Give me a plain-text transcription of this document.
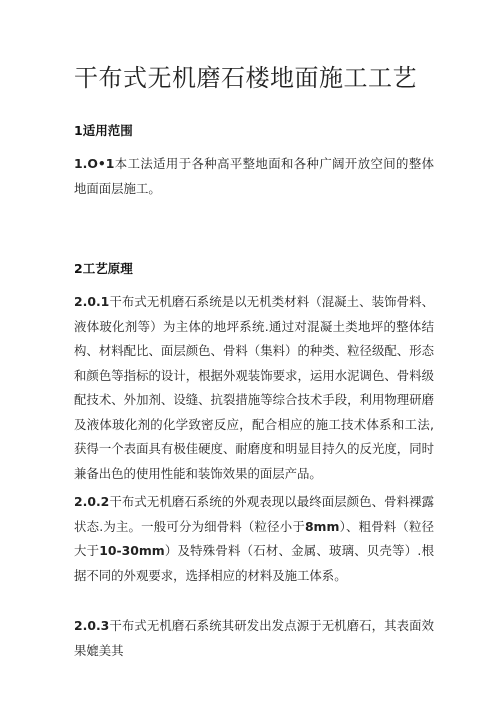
干布式无机磨石楼地面施工工艺
1适用范围

1.O•1本工法适用于各种高平整地面和各种广阔开放空间的整体地面面层施工。

2工艺原理

2.0.1干布式无机磨石系统是以无机类材料（混凝土、装饰骨料、液体玻化剂等）为主体的地坪系统.通过对混凝土类地坪的整体结构、材料配比、面层颜色、骨料（集料）的种类、粒径级配、形态和颜色等指标的设计，根据外观装饰要求，运用水泥调色、骨料级配技术、外加剂、设缝、抗裂措施等综合技术手段，利用物理研磨及液体玻化剂的化学致密反应，配合相应的施工技术体系和工法,获得一个表面具有极佳硬度、耐磨度和明显目持久的反光度，同时兼备出色的使用性能和装饰效果的面层产品。

2.0.2干布式无机磨石系统的外观表现以最终面层颜色、骨料裸露状态.为主。一般可分为细骨料（粒径小于8mm）、粗骨料（粒径大于10-30mm）及特殊骨料（石材、金属、玻璃、贝壳等）.根据不同的外观要求，选择相应的材料及施工体系。

2.0.3干布式无机磨石系统其研发出发点源于无机磨石，其表面效果媲美其
